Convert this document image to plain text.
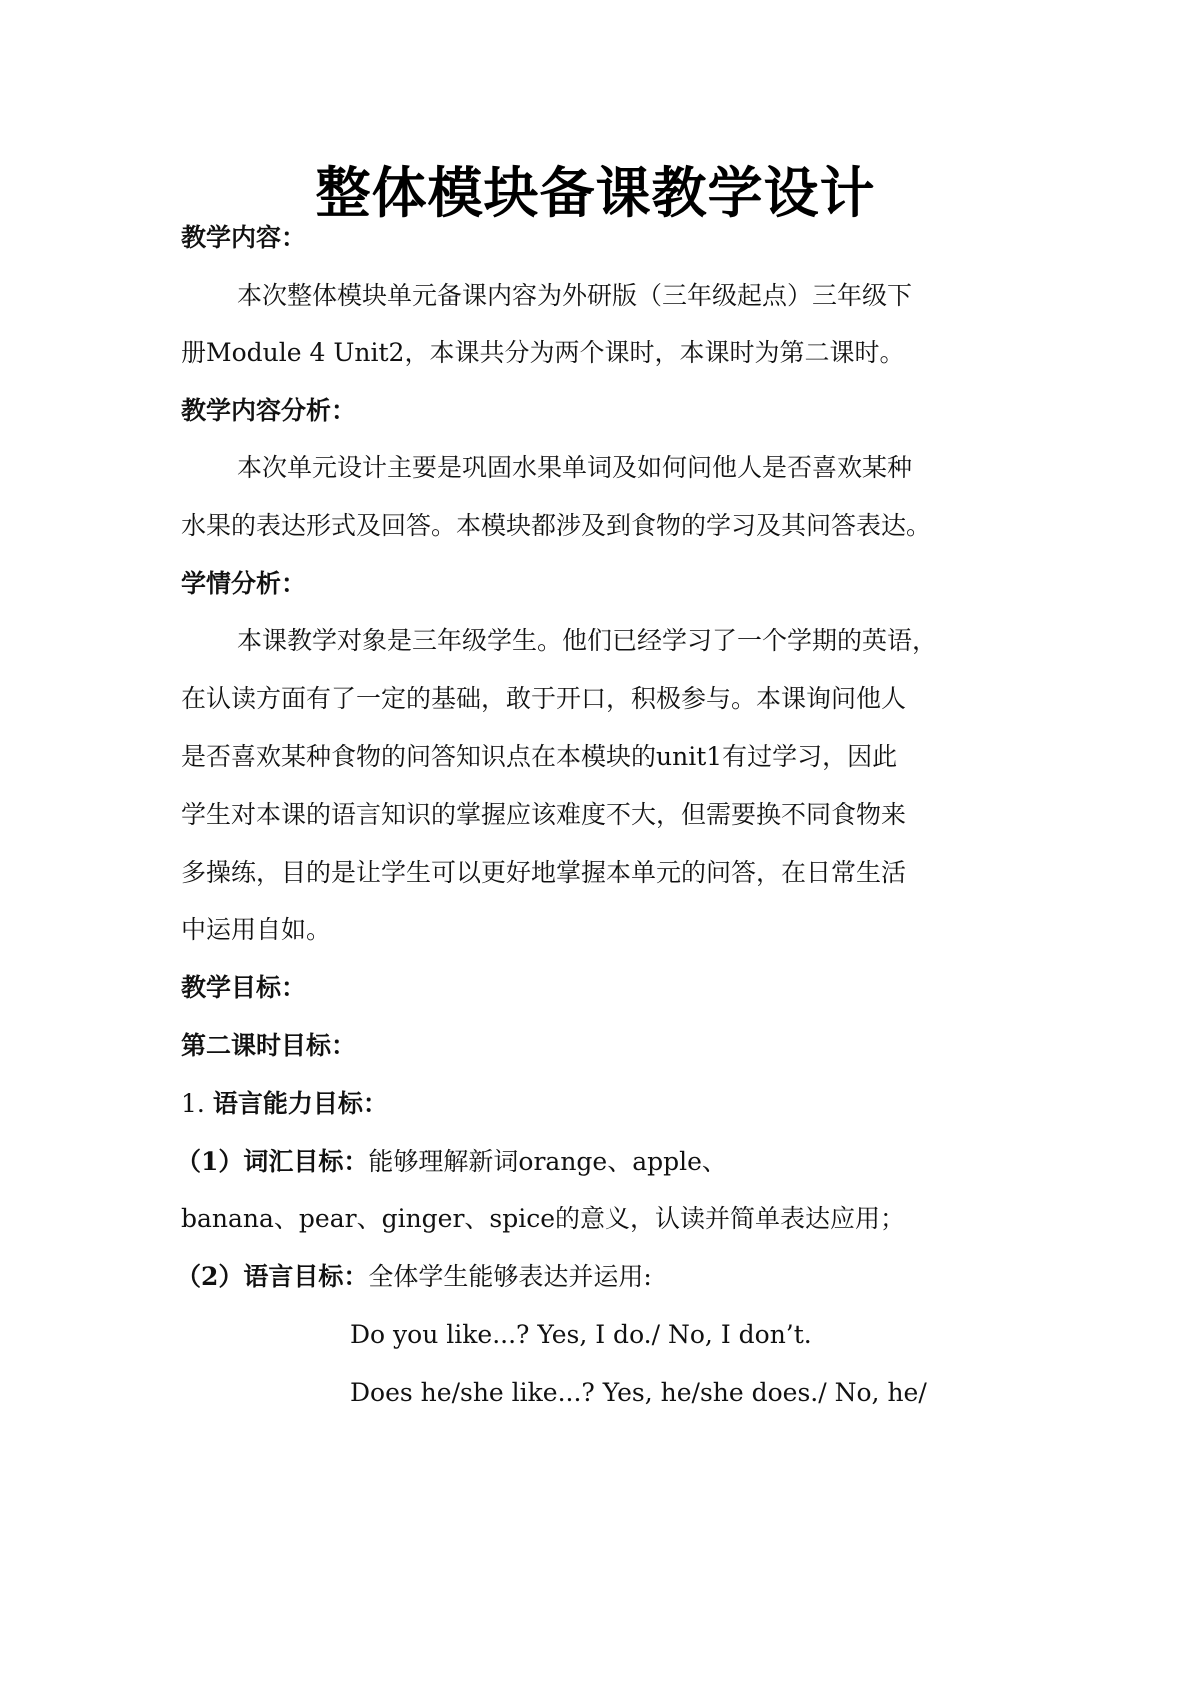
整体模块备课教学设计
教学内容：
本次整体模块单元备课内容为外研版（三年级起点）三年级下
册Module 4 Unit2，本课共分为两个课时，本课时为第二课时。
教学内容分析：
本次单元设计主要是巩固水果单词及如何问他人是否喜欢某种
水果的表达形式及回答。本模块都涉及到食物的学习及其问答表达。
学情分析：
本课教学对象是三年级学生。他们已经学习了一个学期的英语，
在认读方面有了一定的基础，敢于开口，积极参与。本课询问他人
是否喜欢某种食物的问答知识点在本模块的unit1有过学习，因此
学生对本课的语言知识的掌握应该难度不大，但需要换不同食物来
多操练，目的是让学生可以更好地掌握本单元的问答，在日常生活
中运用自如。
教学目标：
第二课时目标：
1. 语言能力目标：
（1）词汇目标：能够理解新词orange、apple、
banana、pear、ginger、spice的意义，认读并简单表达应用；
（2）语言目标：全体学生能够表达并运用:
Do you like...? Yes, I do./ No, I don’t.
Does he/she like...? Yes, he/she does./ No, he/
